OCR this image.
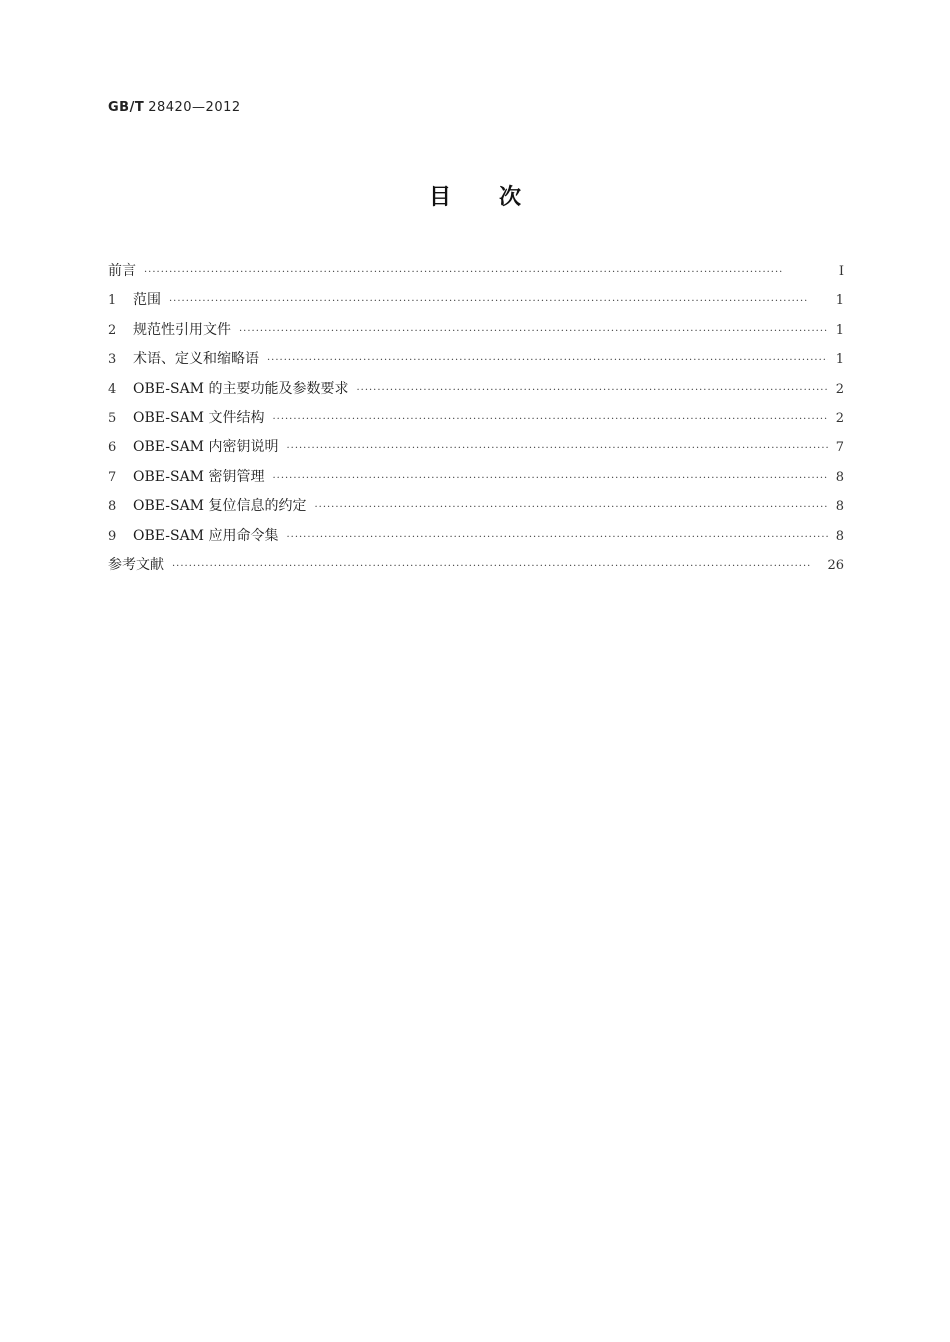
GB/T 28420—2012
目次
前言 ·····	Ⅰ
1	范围 ·····	1
2	规范性引用文件 ·····	1
3	术语、定义和缩略语 ·····	1
4	OBE-SAM 的主要功能及参数要求 ·····	2
5	OBE-SAM 文件结构 ·····	2
6	OBE-SAM 内密钥说明 ·····	7
7	OBE-SAM 密钥管理 ·····	8
8	OBE-SAM 复位信息的约定 ·····	8
9	OBE-SAM 应用命令集 ·····	8
参考文献 ·····	26
